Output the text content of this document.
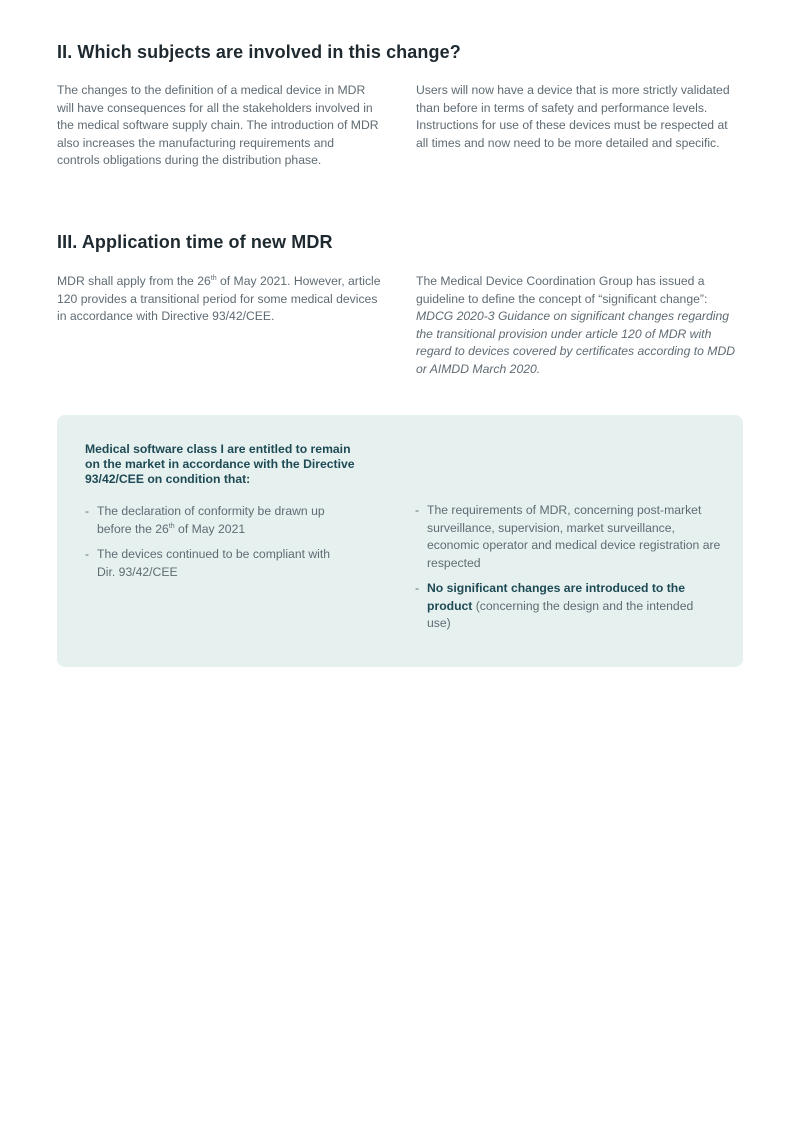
II. Which subjects are involved in this change?

The changes to the definition of a medical device in MDR will have consequences for all the stakeholders involved in the medical software supply chain. The introduction of MDR also increases the manufacturing requirements and controls obligations during the distribution phase.

Users will now have a device that is more strictly validated than before in terms of safety and performance levels. Instructions for use of these devices must be respected at all times and now need to be more detailed and specific.

III. Application time of new MDR

MDR shall apply from the 26th of May 2021. However, article 120 provides a transitional period for some medical devices in accordance with Directive 93/42/CEE.

The Medical Device Coordination Group has issued a guideline to define the concept of “significant change”: MDCG 2020-3 Guidance on significant changes regarding the transitional provision under article 120 of MDR with regard to devices covered by certificates according to MDD or AIMDD March 2020.

Medical software class I are entitled to remain on the market in accordance with the Directive 93/42/CEE on condition that:

- The declaration of conformity be drawn up before the 26th of May 2021

- The devices continued to be compliant with Dir. 93/42/CEE

- The requirements of MDR, concerning post-market surveillance, supervision, market surveillance, economic operator and medical device registration are respected

- No significant changes are introduced to the product (concerning the design and the intended use)
